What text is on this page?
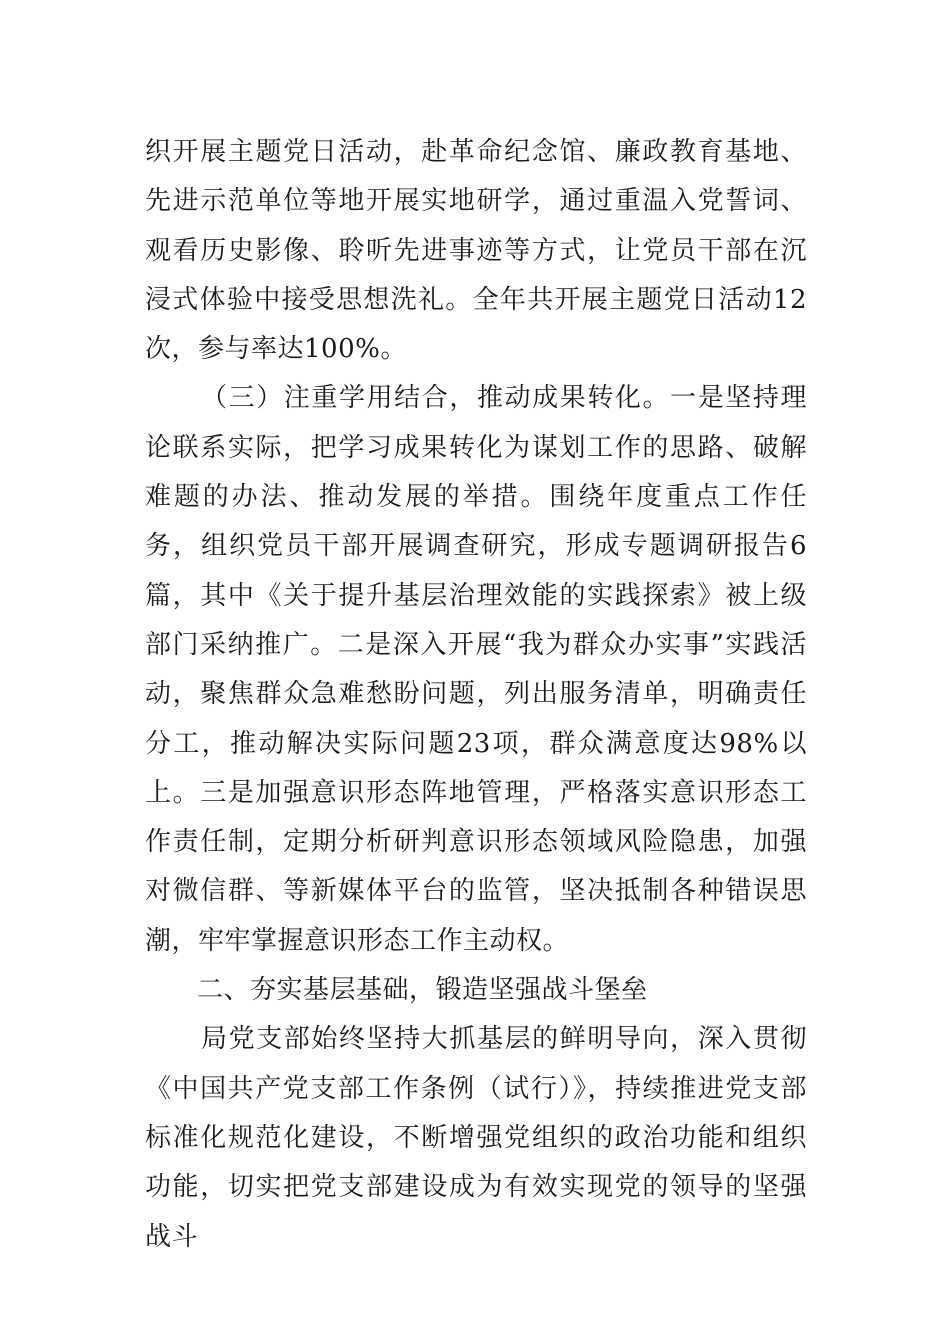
织开展主题党日活动，赴革命纪念馆、廉政教育基地、先进示范单位等地开展实地研学，通过重温入党誓词、观看历史影像、聆听先进事迹等方式，让党员干部在沉浸式体验中接受思想洗礼。全年共开展主题党日活动12次，参与率达100%。

（三）注重学用结合，推动成果转化。一是坚持理论联系实际，把学习成果转化为谋划工作的思路、破解难题的办法、推动发展的举措。围绕年度重点工作任务，组织党员干部开展调查研究，形成专题调研报告6篇，其中《关于提升基层治理效能的实践探索》被上级部门采纳推广。二是深入开展“我为群众办实事”实践活动，聚焦群众急难愁盼问题，列出服务清单，明确责任分工，推动解决实际问题23项，群众满意度达98%以上。三是加强意识形态阵地管理，严格落实意识形态工作责任制，定期分析研判意识形态领域风险隐患，加强对微信群、等新媒体平台的监管，坚决抵制各种错误思潮，牢牢掌握意识形态工作主动权。

二、夯实基层基础，锻造坚强战斗堡垒

局党支部始终坚持大抓基层的鲜明导向，深入贯彻《中国共产党支部工作条例（试行）》，持续推进党支部标准化规范化建设，不断增强党组织的政治功能和组织功能，切实把党支部建设成为有效实现党的领导的坚强战斗
